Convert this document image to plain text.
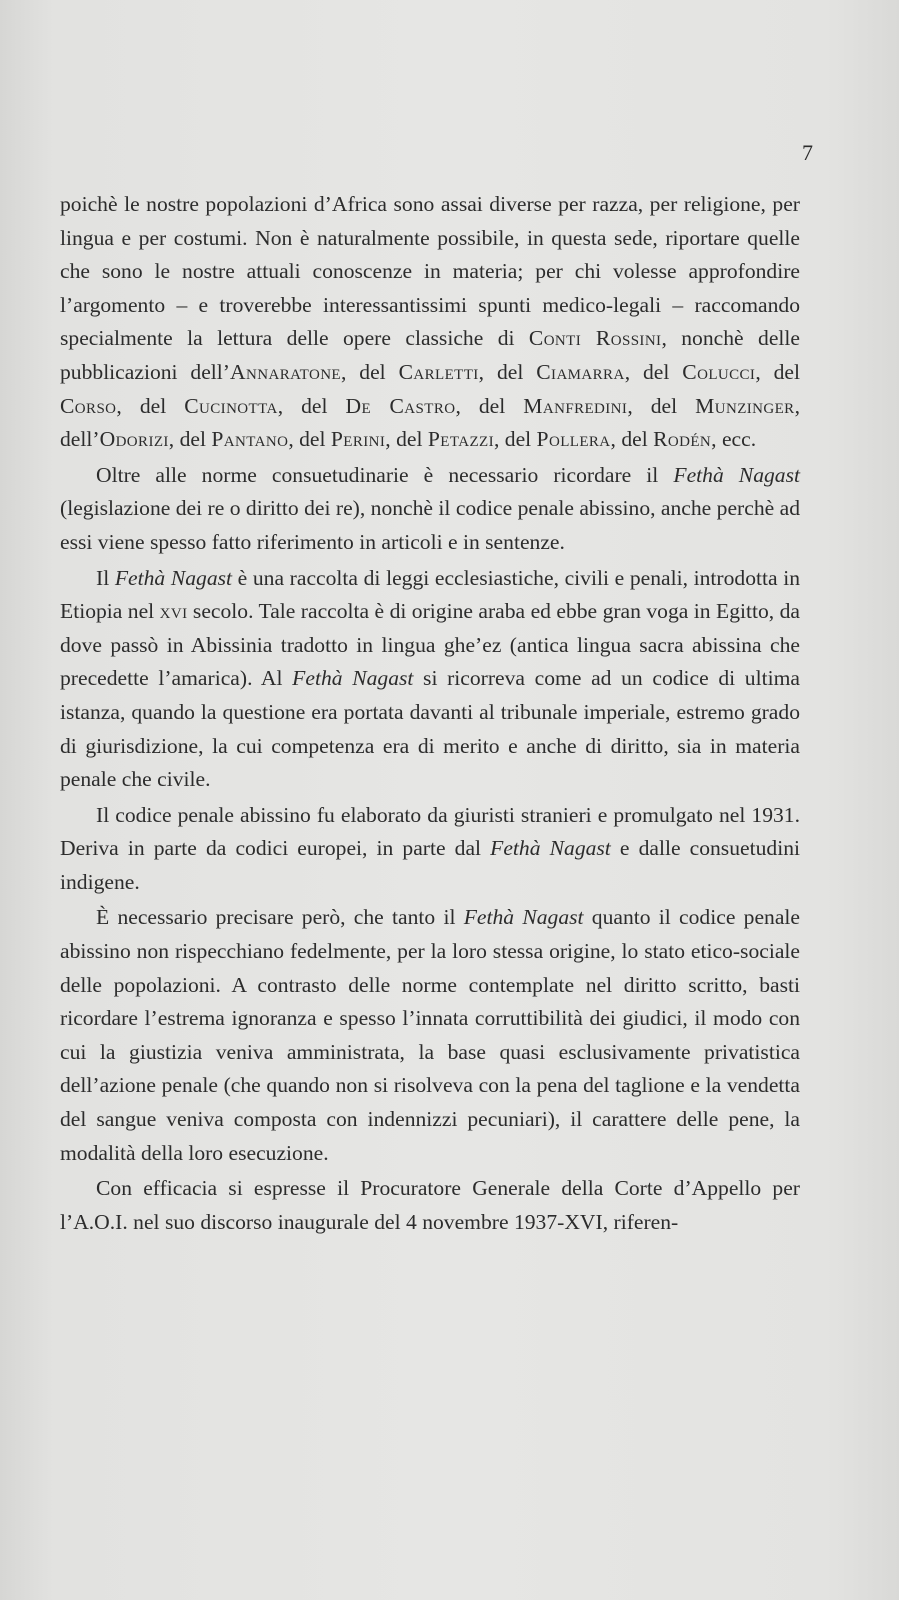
7

poichè le nostre popolazioni d’Africa sono assai diverse per razza, per religione, per lingua e per costumi. Non è naturalmente possibile, in questa sede, riportare quelle che sono le nostre attuali conoscenze in materia; per chi volesse approfondire l’argomento – e troverebbe interessantissimi spunti medico-legali – raccomando specialmente la lettura delle opere classiche di Conti Rossini, nonchè delle pubblicazioni dell’Annaratone, del Carletti, del Ciamarra, del Colucci, del Corso, del Cucinotta, del De Castro, del Manfredini, del Munzinger, dell’Odorizi, del Pantano, del Perini, del Petazzi, del Pollera, del Rodén, ecc.

Oltre alle norme consuetudinarie è necessario ricordare il Fethà Nagast (legislazione dei re o diritto dei re), nonchè il codice penale abissino, anche perchè ad essi viene spesso fatto riferimento in articoli e in sentenze.

Il Fethà Nagast è una raccolta di leggi ecclesiastiche, civili e penali, introdotta in Etiopia nel xvi secolo. Tale raccolta è di origine araba ed ebbe gran voga in Egitto, da dove passò in Abissinia tradotto in lingua ghe’ez (antica lingua sacra abissina che precedette l’amarica). Al Fethà Nagast si ricorreva come ad un codice di ultima istanza, quando la questione era portata davanti al tribunale imperiale, estremo grado di giurisdizione, la cui competenza era di merito e anche di diritto, sia in materia penale che civile.

Il codice penale abissino fu elaborato da giuristi stranieri e promulgato nel 1931. Deriva in parte da codici europei, in parte dal Fethà Nagast e dalle consuetudini indigene.

È necessario precisare però, che tanto il Fethà Nagast quanto il codice penale abissino non rispecchiano fedelmente, per la loro stessa origine, lo stato etico-sociale delle popolazioni. A contrasto delle norme contemplate nel diritto scritto, basti ricordare l’estrema ignoranza e spesso l’innata corruttibilità dei giudici, il modo con cui la giustizia veniva amministrata, la base quasi esclusivamente privatistica dell’azione penale (che quando non si risolveva con la pena del taglione e la vendetta del sangue veniva composta con indennizzi pecuniari), il carattere delle pene, la modalità della loro esecuzione.

Con efficacia si espresse il Procuratore Generale della Corte d’Appello per l’A.O.I. nel suo discorso inaugurale del 4 novembre 1937-XVI, riferen-
